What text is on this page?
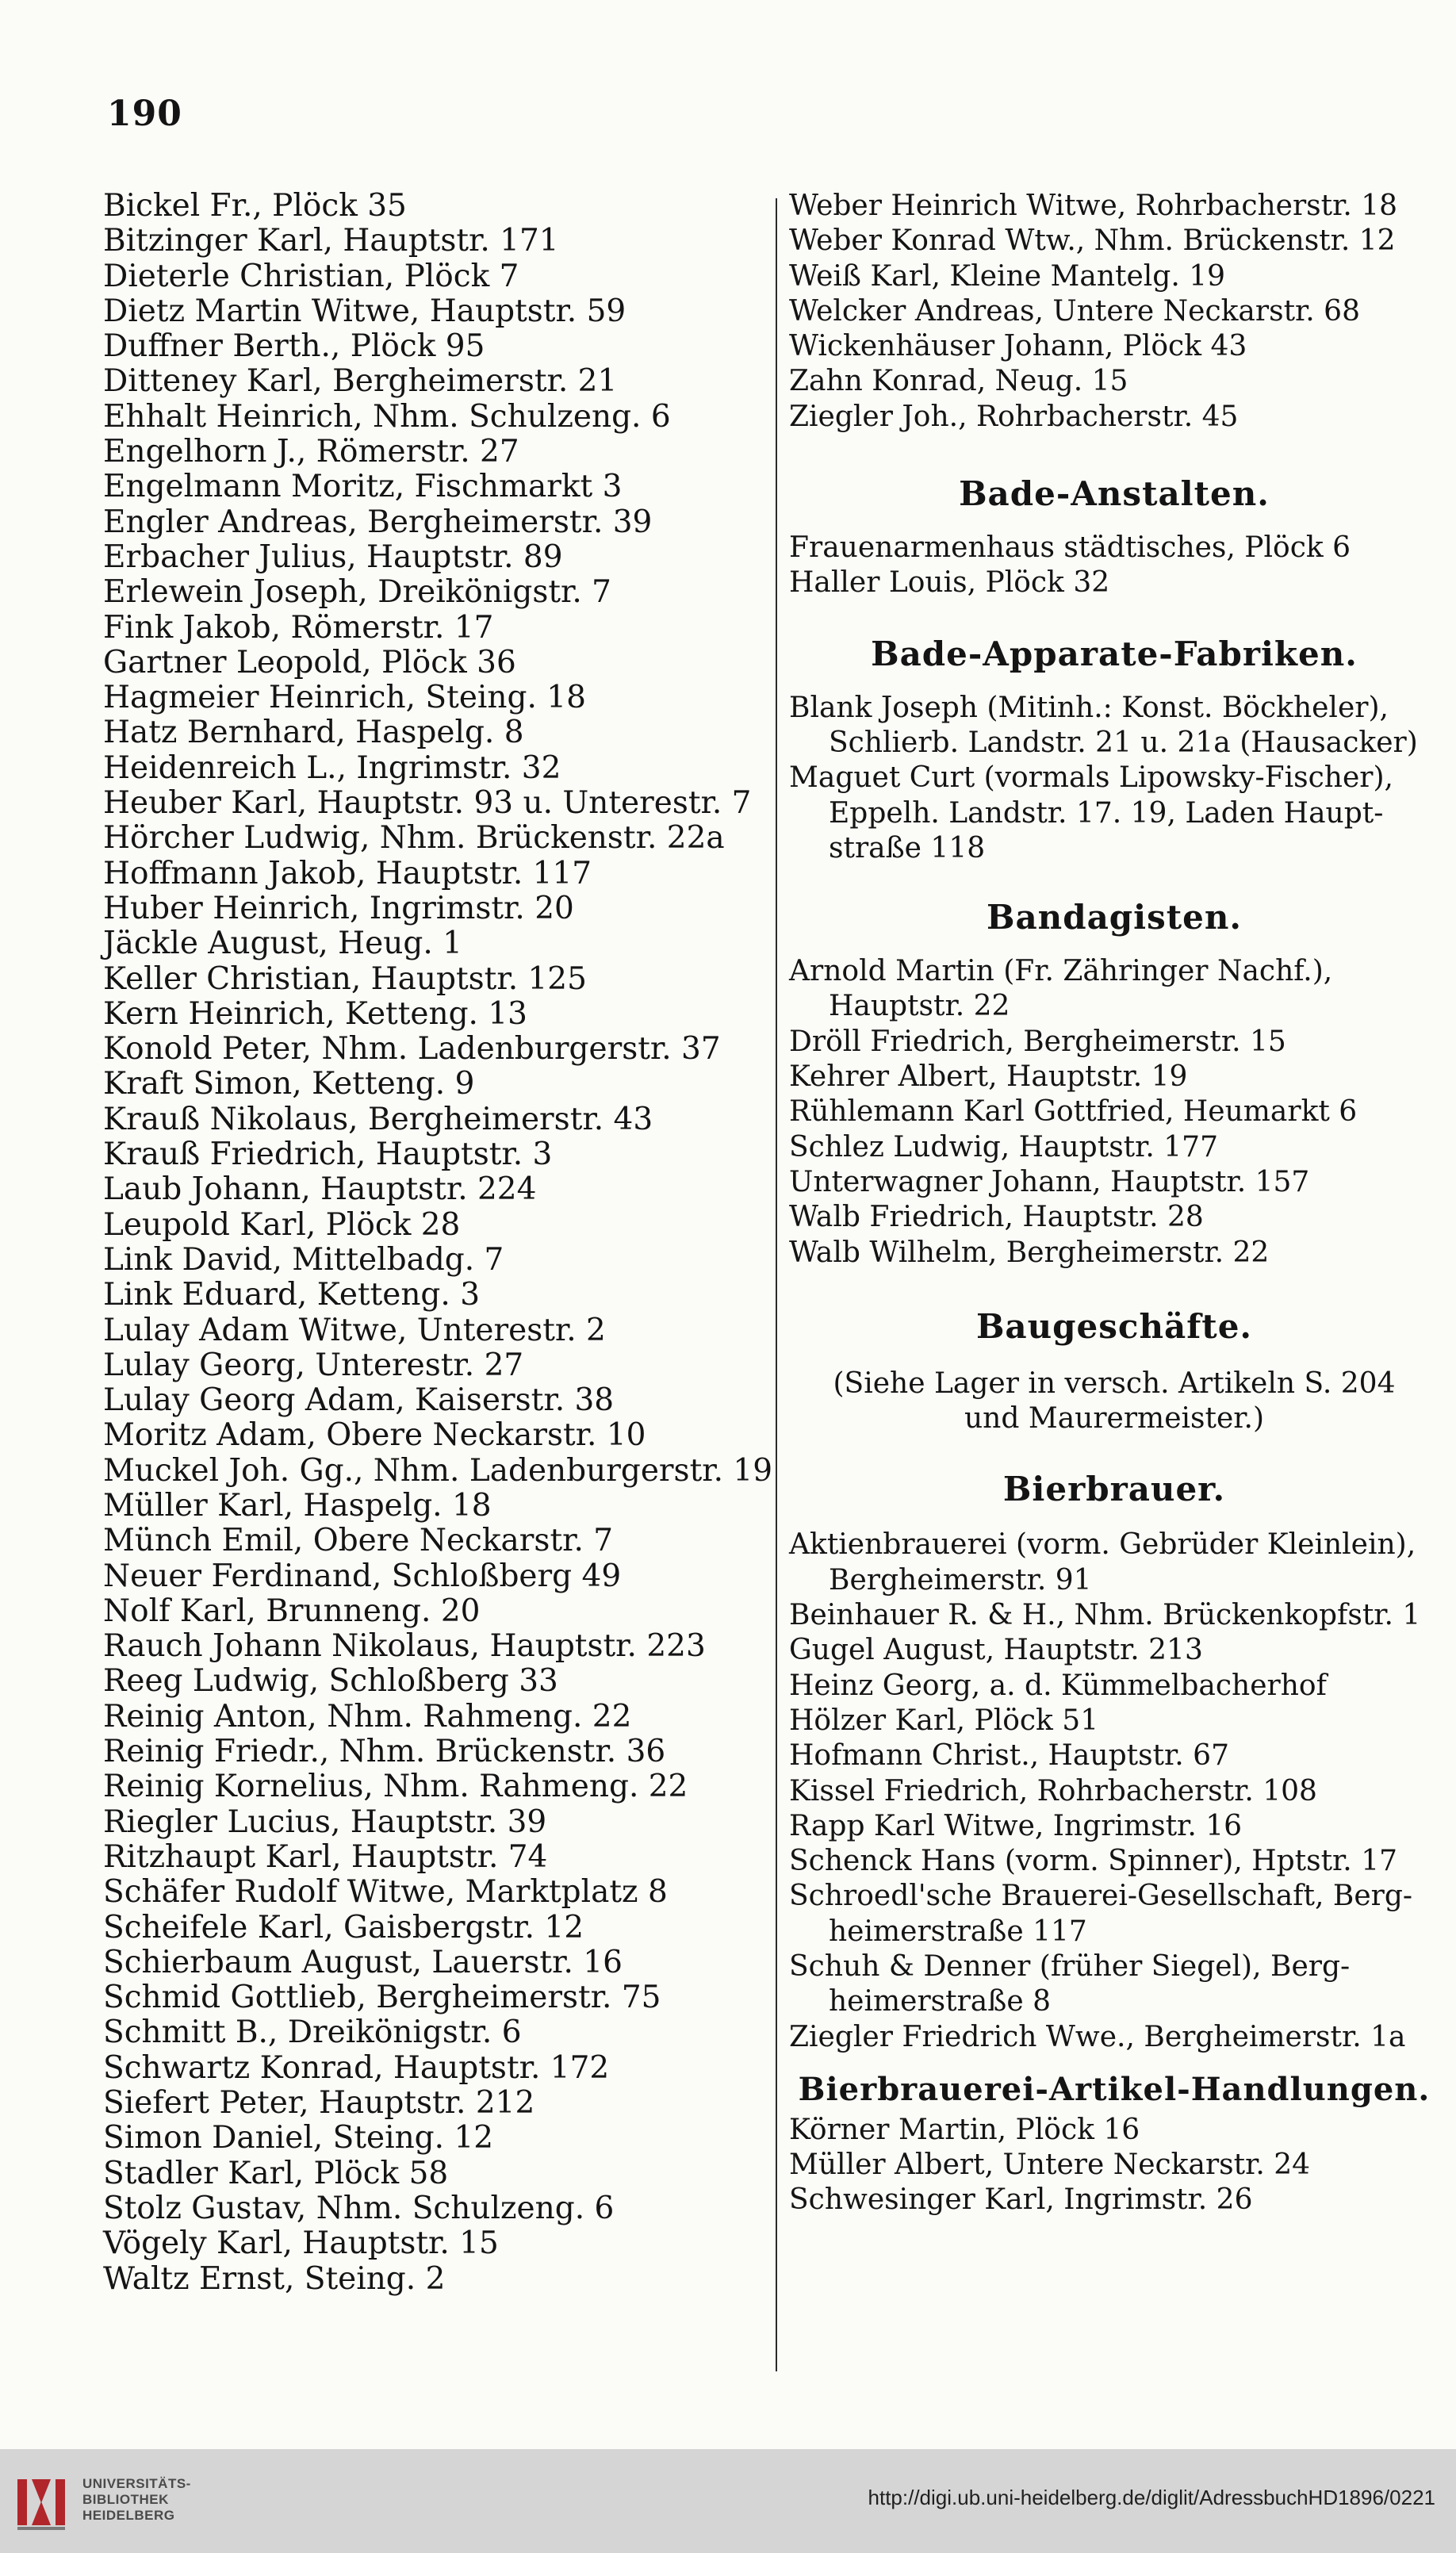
190
Bickel Fr., Plöck 35
Bitzinger Karl, Hauptstr. 171
Dieterle Christian, Plöck 7
Dietz Martin Witwe, Hauptstr. 59
Duffner Berth., Plöck 95
Ditteney Karl, Bergheimerstr. 21
Ehhalt Heinrich, Nhm. Schulzeng. 6
Engelhorn J., Römerstr. 27
Engelmann Moritz, Fischmarkt 3
Engler Andreas, Bergheimerstr. 39
Erbacher Julius, Hauptstr. 89
Erlewein Joseph, Dreikönigstr. 7
Fink Jakob, Römerstr. 17
Gartner Leopold, Plöck 36
Hagmeier Heinrich, Steing. 18
Hatz Bernhard, Haspelg. 8
Heidenreich L., Ingrimstr. 32
Heuber Karl, Hauptstr. 93 u. Unterestr. 7
Hörcher Ludwig, Nhm. Brückenstr. 22a
Hoffmann Jakob, Hauptstr. 117
Huber Heinrich, Ingrimstr. 20
Jäckle August, Heug. 1
Keller Christian, Hauptstr. 125
Kern Heinrich, Ketteng. 13
Konold Peter, Nhm. Ladenburgerstr. 37
Kraft Simon, Ketteng. 9
Krauß Nikolaus, Bergheimerstr. 43
Krauß Friedrich, Hauptstr. 3
Laub Johann, Hauptstr. 224
Leupold Karl, Plöck 28
Link David, Mittelbadg. 7
Link Eduard, Ketteng. 3
Lulay Adam Witwe, Unterestr. 2
Lulay Georg, Unterestr. 27
Lulay Georg Adam, Kaiserstr. 38
Moritz Adam, Obere Neckarstr. 10
Muckel Joh. Gg., Nhm. Ladenburgerstr. 19
Müller Karl, Haspelg. 18
Münch Emil, Obere Neckarstr. 7
Neuer Ferdinand, Schloßberg 49
Nolf Karl, Brunneng. 20
Rauch Johann Nikolaus, Hauptstr. 223
Reeg Ludwig, Schloßberg 33
Reinig Anton, Nhm. Rahmeng. 22
Reinig Friedr., Nhm. Brückenstr. 36
Reinig Kornelius, Nhm. Rahmeng. 22
Riegler Lucius, Hauptstr. 39
Ritzhaupt Karl, Hauptstr. 74
Schäfer Rudolf Witwe, Marktplatz 8
Scheifele Karl, Gaisbergstr. 12
Schierbaum August, Lauerstr. 16
Schmid Gottlieb, Bergheimerstr. 75
Schmitt B., Dreikönigstr. 6
Schwartz Konrad, Hauptstr. 172
Siefert Peter, Hauptstr. 212
Simon Daniel, Steing. 12
Stadler Karl, Plöck 58
Stolz Gustav, Nhm. Schulzeng. 6
Vögely Karl, Hauptstr. 15
Waltz Ernst, Steing. 2
Weber Heinrich Witwe, Rohrbacherstr. 18
Weber Konrad Wtw., Nhm. Brückenstr. 12
Weiß Karl, Kleine Mantelg. 19
Welcker Andreas, Untere Neckarstr. 68
Wickenhäuser Johann, Plöck 43
Zahn Konrad, Neug. 15
Ziegler Joh., Rohrbacherstr. 45
Bade-Anstalten.
Frauenarmenhaus städtisches, Plöck 6
Haller Louis, Plöck 32
Bade-Apparate-Fabriken.
Blank Joseph (Mitinh.: Konst. Böckheler),
Schlierb. Landstr. 21 u. 21a (Hausacker)
Maguet Curt (vormals Lipowsky-Fischer),
Eppelh. Landstr. 17. 19, Laden Haupt-
straße 118
Bandagisten.
Arnold Martin (Fr. Zähringer Nachf.),
Hauptstr. 22
Dröll Friedrich, Bergheimerstr. 15
Kehrer Albert, Hauptstr. 19
Rühlemann Karl Gottfried, Heumarkt 6
Schlez Ludwig, Hauptstr. 177
Unterwagner Johann, Hauptstr. 157
Walb Friedrich, Hauptstr. 28
Walb Wilhelm, Bergheimerstr. 22
Baugeschäfte.
(Siehe Lager in versch. Artikeln S. 204
und Maurermeister.)
Bierbrauer.
Aktienbrauerei (vorm. Gebrüder Kleinlein),
Bergheimerstr. 91
Beinhauer R. & H., Nhm. Brückenkopfstr. 1
Gugel August, Hauptstr. 213
Heinz Georg, a. d. Kümmelbacherhof
Hölzer Karl, Plöck 51
Hofmann Christ., Hauptstr. 67
Kissel Friedrich, Rohrbacherstr. 108
Rapp Karl Witwe, Ingrimstr. 16
Schenck Hans (vorm. Spinner), Hptstr. 17
Schroedl'sche Brauerei-Gesellschaft, Berg-
heimerstraße 117
Schuh & Denner (früher Siegel), Berg-
heimerstraße 8
Ziegler Friedrich Wwe., Bergheimerstr. 1a
Bierbrauerei-Artikel-Handlungen.
Körner Martin, Plöck 16
Müller Albert, Untere Neckarstr. 24
Schwesinger Karl, Ingrimstr. 26
UNIVERSITÄTS-
BIBLIOTHEK
HEIDELBERG
http://digi.ub.uni-heidelberg.de/diglit/AdressbuchHD1896/0221
